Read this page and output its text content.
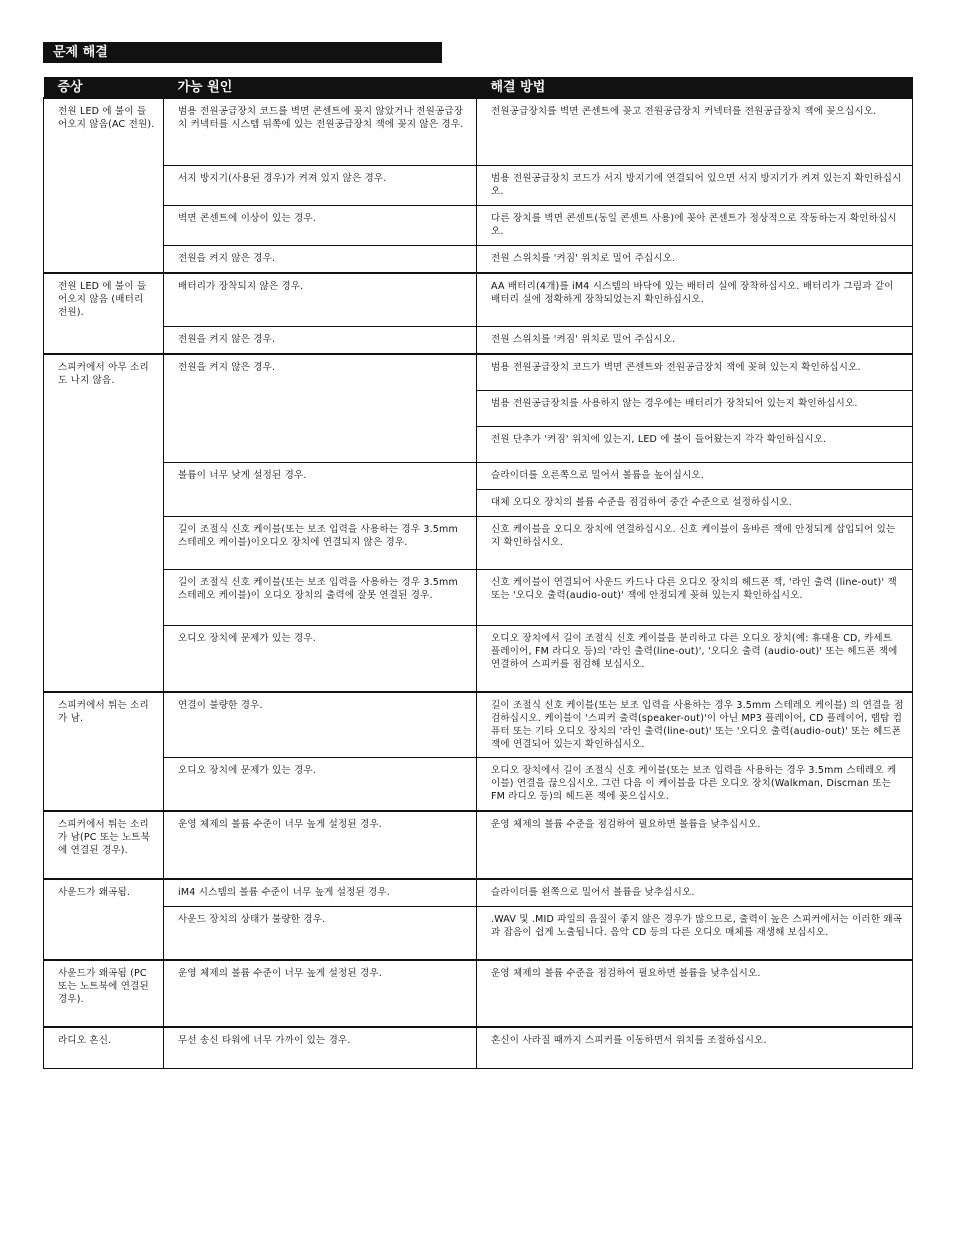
문제 해결
증상	가능 원인	해결 방법
전원 LED 에 불이 들어오지 않음(AC 전원).	범용 전원공급장치 코드를 벽면 콘센트에 꽂지 않았거나 전원공급장치 커넥터를 시스템 뒤쪽에 있는 전원공급장치 잭에 꽂지 않은 경우.	전원공급장치를 벽면 콘센트에 꽂고 전원공급장치 커넥터를 전원공급장치 잭에 꽂으십시오.
	서지 방지기(사용된 경우)가 켜져 있지 않은 경우.	범용 전원공급장치 코드가 서지 방지기에 연결되어 있으면 서지 방지기가 켜져 있는지 확인하십시오.
	벽면 콘센트에 이상이 있는 경우.	다른 장치를 벽면 콘센트(동일 콘센트 사용)에 꽂아 콘센트가 정상적으로 작동하는지 확인하십시오.
	전원을 켜지 않은 경우.	전원 스위치를 '켜짐' 위치로 밀어 주십시오.
전원 LED 에 불이 들어오지 않음 (배터리 전원).	배터리가 장착되지 않은 경우.	AA 배터리(4개)를 iM4 시스템의 바닥에 있는 배터리 실에 장착하십시오. 배터리가 그림과 같이 배터리 실에 정확하게 장착되었는지 확인하십시오.
	전원을 켜지 않은 경우.	전원 스위치를 '켜짐' 위치로 밀어 주십시오.
스피커에서 아무 소리도 나지 않음.	전원을 켜지 않은 경우.	범용 전원공급장치 코드가 벽면 콘센트와 전원공급장치 잭에 꽂혀 있는지 확인하십시오.
		범용 전원공급장치를 사용하지 않는 경우에는 배터리가 장착되어 있는지 확인하십시오.
		전원 단추가 '켜짐' 위치에 있는지, LED 에 불이 들어왔는지 각각 확인하십시오.
	볼륨이 너무 낮게 설정된 경우.	슬라이더를 오른쪽으로 밀어서 볼륨을 높이십시오.
		대체 오디오 장치의 볼륨 수준을 점검하여 중간 수준으로 설정하십시오.
	길이 조절식 신호 케이블(또는 보조 입력을 사용하는 경우 3.5mm 스테레오 케이블)이오디오 장치에 연결되지 않은 경우.	신호 케이블을 오디오 장치에 연결하십시오. 신호 케이블이 올바른 잭에 안정되게 삽입되어 있는지 확인하십시오.
	길이 조절식 신호 케이블(또는 보조 입력을 사용하는 경우 3.5mm 스테레오 케이블)이 오디오 장치의 출력에 잘못 연결된 경우.	신호 케이블이 연결되어 사운드 카드나 다른 오디오 장치의 헤드폰 잭, '라인 출력 (line-out)' 잭 또는 '오디오 출력(audio-out)' 잭에 안정되게 꽂혀 있는지 확인하십시오.
	오디오 장치에 문제가 있는 경우.	오디오 장치에서 길이 조절식 신호 케이블을 분리하고 다른 오디오 장치(예: 휴대용 CD, 카세트 플레이어, FM 라디오 등)의 '라인 출력(line-out)', '오디오 출력 (audio-out)' 또는 헤드폰 잭에 연결하여 스피커를 점검해 보십시오.
스피커에서 튀는 소리가 남.	연결이 불량한 경우.	길이 조절식 신호 케이블(또는 보조 입력을 사용하는 경우 3.5mm 스테레오 케이블) 의 연결을 점검하십시오. 케이블이 '스피커 출력(speaker-out)'이 아닌 MP3 플레이어, CD 플레이어, 랩탑 컴퓨터 또는 기타 오디오 장치의 '라인 출력(line-out)' 또는 '오디오 출력(audio-out)' 또는 헤드폰 잭에 연결되어 있는지 확인하십시오.
	오디오 장치에 문제가 있는 경우.	오디오 장치에서 길이 조절식 신호 케이블(또는 보조 입력을 사용하는 경우 3.5mm 스테레오 케이블) 연결을 끊으십시오. 그런 다음 이 케이블을 다른 오디오 장치(Walkman, Discman 또는 FM 라디오 등)의 헤드폰 잭에 꽂으십시오.
스피커에서 튀는 소리가 남(PC 또는 노트북에 연결된 경우).	운영 체제의 볼륨 수준이 너무 높게 설정된 경우.	운영 체제의 볼륨 수준을 점검하여 필요하면 볼륨을 낮추십시오.
사운드가 왜곡됨.	iM4 시스템의 볼륨 수준이 너무 높게 설정된 경우.	슬라이더를 왼쪽으로 밀어서 볼륨을 낮추십시오.
	사운드 장치의 상태가 불량한 경우.	.WAV 및 .MID 파일의 음질이 좋지 않은 경우가 많으므로, 출력이 높은 스피커에서는 이러한 왜곡과 잡음이 쉽게 노출됩니다. 음악 CD 등의 다른 오디오 매체를 재생해 보십시오.
사운드가 왜곡됨 (PC 또는 노트북에 연결된 경우).	운영 체제의 볼륨 수준이 너무 높게 설정된 경우.	운영 체제의 볼륨 수준을 점검하여 필요하면 볼륨을 낮추십시오.
라디오 혼신.	무선 송신 타워에 너무 가까이 있는 경우.	혼신이 사라질 때까지 스피커를 이동하면서 위치를 조절하십시오.
